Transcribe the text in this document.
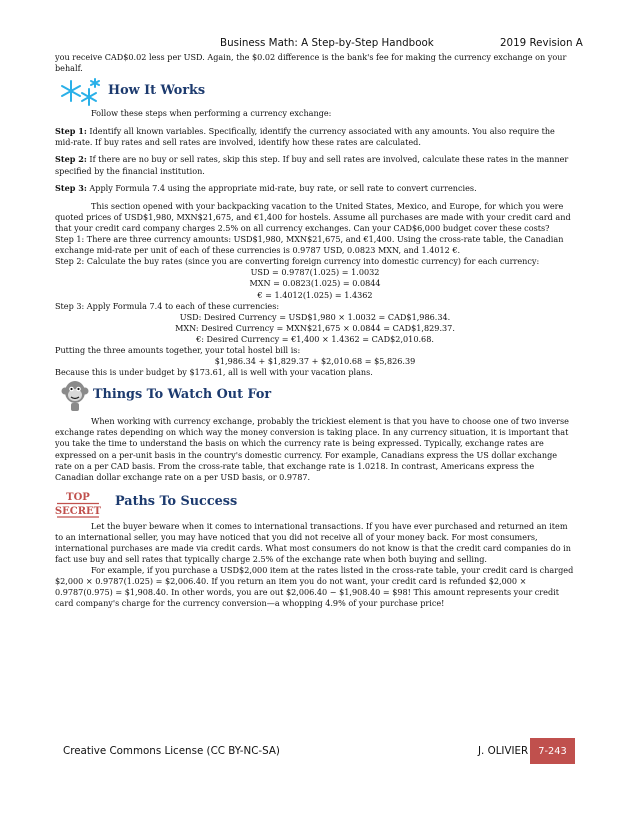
Business Math: A Step-by-Step Handbook	2019 Revision A

you receive CAD$0.02 less per USD. Again, the $0.02 difference is the bank's fee for making the currency exchange on your behalf.

How It Works

Follow these steps when performing a currency exchange:

Step 1: Identify all known variables. Specifically, identify the currency associated with any amounts. You also require the mid-rate. If buy rates and sell rates are involved, identify how these rates are calculated.

Step 2: If there are no buy or sell rates, skip this step. If buy and sell rates are involved, calculate these rates in the manner specified by the financial institution.

Step 3: Apply Formula 7.4 using the appropriate mid-rate, buy rate, or sell rate to convert currencies.

This section opened with your backpacking vacation to the United States, Mexico, and Europe, for which you were quoted prices of USD$1,980, MXN$21,675, and €1,400 for hostels. Assume all purchases are made with your credit card and that your credit card company charges 2.5% on all currency exchanges. Can your CAD$6,000 budget cover these costs?

Step 1: There are three currency amounts: USD$1,980, MXN$21,675, and €1,400. Using the cross-rate table, the Canadian exchange mid-rate per unit of each of these currencies is 0.9787 USD, 0.0823 MXN, and 1.4012 €.

Step 2: Calculate the buy rates (since you are converting foreign currency into domestic currency) for each currency:

USD = 0.9787(1.025) = 1.0032

MXN = 0.0823(1.025) = 0.0844

€ = 1.4012(1.025) = 1.4362

Step 3: Apply Formula 7.4 to each of these currencies:

USD: Desired Currency = USD$1,980 × 1.0032 = CAD$1,986.34.

MXN: Desired Currency = MXN$21,675 × 0.0844 = CAD$1,829.37.

€: Desired Currency = €1,400 × 1.4362 = CAD$2,010.68.

Putting the three amounts together, your total hostel bill is:

$1,986.34 + $1,829.37 + $2,010.68 = $5,826.39

Because this is under budget by $173.61, all is well with your vacation plans.

Things To Watch Out For

When working with currency exchange, probably the trickiest element is that you have to choose one of two inverse exchange rates depending on which way the money conversion is taking place. In any currency situation, it is important that you take the time to understand the basis on which the currency rate is being expressed. Typically, exchange rates are expressed on a per-unit basis in the country's domestic currency. For example, Canadians express the US dollar exchange rate on a per CAD basis. From the cross-rate table, that exchange rate is 1.0218. In contrast, Americans express the Canadian dollar exchange rate on a per USD basis, or 0.9787.

TOP
SECRET
Paths To Success

Let the buyer beware when it comes to international transactions. If you have ever purchased and returned an item to an international seller, you may have noticed that you did not receive all of your money back. For most consumers, international purchases are made via credit cards. What most consumers do not know is that the credit card companies do in fact use buy and sell rates that typically charge 2.5% of the exchange rate when both buying and selling.

For example, if you purchase a USD$2,000 item at the rates listed in the cross-rate table, your credit card is charged $2,000 × 0.9787(1.025) = $2,006.40. If you return an item you do not want, your credit card is refunded $2,000 × 0.9787(0.975) = $1,908.40. In other words, you are out $2,006.40 − $1,908.40 = $98! This amount represents your credit card company's charge for the currency conversion—a whopping 4.9% of your purchase price!

Creative Commons License (CC BY-NC-SA)	J. OLIVIER	7-243
